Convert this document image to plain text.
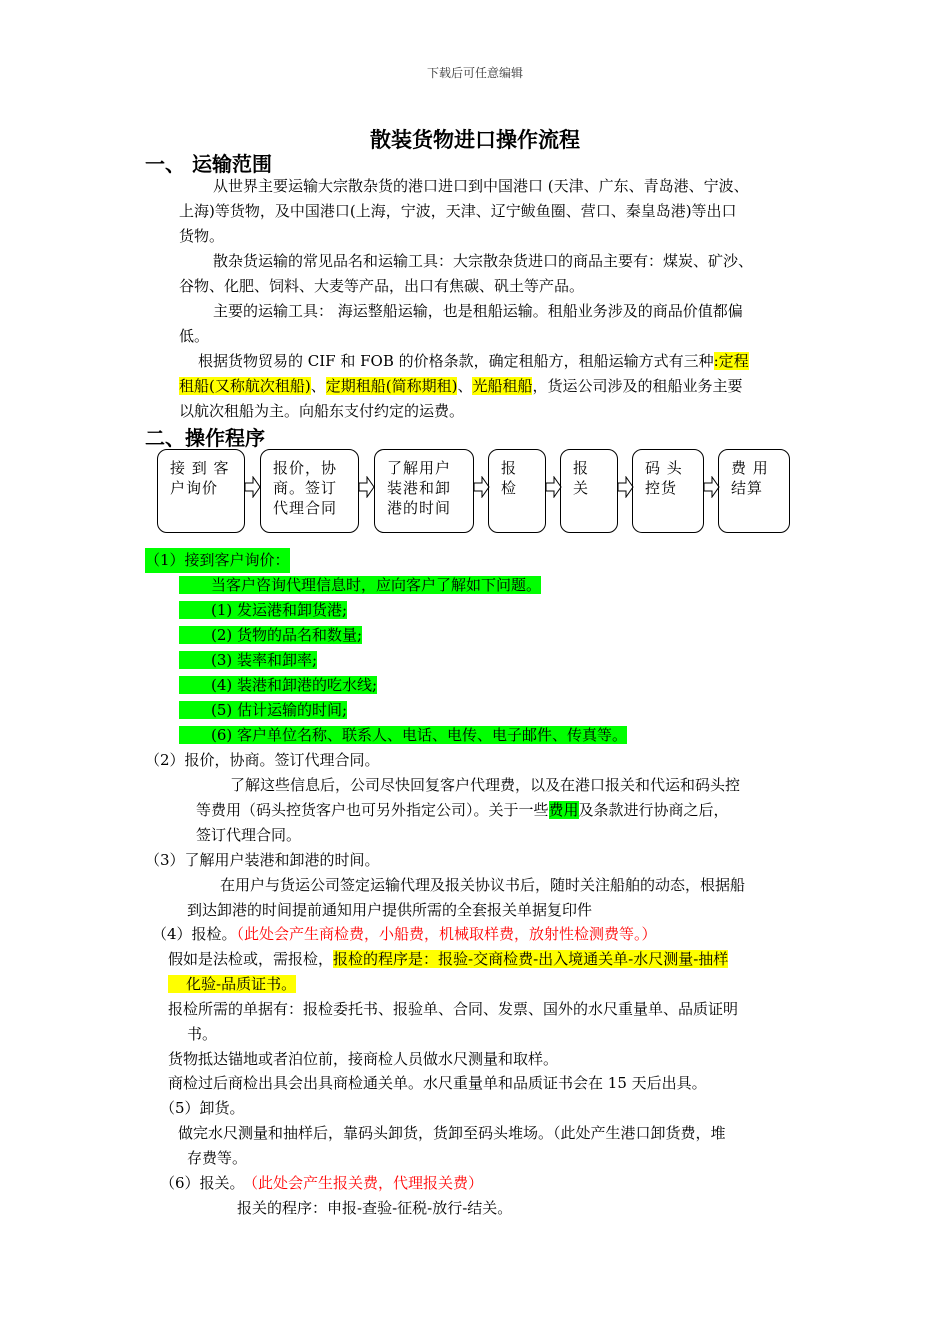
下载后可任意编辑
散装货物进口操作流程
一、 运输范围
从世界主要运输大宗散杂货的港口进口到中国港口 (天津、广东、青岛港、宁波、
上海)等货物，及中国港口(上海，宁波，天津、辽宁鲅鱼圈、营口、秦皇岛港)等出口
货物。
散杂货运输的常见品名和运输工具：大宗散杂货进口的商品主要有：煤炭、矿沙、
谷物、化肥、饲料、大麦等产品，出口有焦碳、矾土等产品。
主要的运输工具： 海运整船运输，也是租船运输。租船业务涉及的商品价值都偏
低。
根据货物贸易的 CIF 和 FOB 的价格条款，确定租船方，租船运输方式有三种:定程
租船(又称航次租船)、定期租船(简称期租)、光船租船，货运公司涉及的租船业务主要
以航次租船为主。向船东支付约定的运费。
二、操作程序
接 到 客
户询价
报价，协
商。签订
代理合同
了解用户
装港和卸
港的时间
报
检
报
关
码 头
控货
费 用
结算
（1）接到客户询价：
当客户咨询代理信息时，应向客户了解如下问题。
(1) 发运港和卸货港;
(2) 货物的品名和数量;
(3) 装率和卸率;
(4) 装港和卸港的吃水线;
(5) 估计运输的时间;
(6) 客户单位名称、联系人、电话、电传、电子邮件、传真等。
（2）报价，协商。签订代理合同。
了解这些信息后，公司尽快回复客户代理费，以及在港口报关和代运和码头控
等费用（码头控货客户也可另外指定公司）。关于一些费用及条款进行协商之后，
签订代理合同。
（3）了解用户装港和卸港的时间。
在用户与货运公司签定运输代理及报关协议书后，随时关注船舶的动态，根据船
到达卸港的时间提前通知用户提供所需的全套报关单据复印件
（4）报检。（此处会产生商检费，小船费，机械取样费，放射性检测费等。）
假如是法检或，需报检，报检的程序是：报验-交商检费-出入境通关单-水尺测量-抽样
化验-品质证书。
报检所需的单据有：报检委托书、报验单、合同、发票、国外的水尺重量单、品质证明
书。
货物抵达锚地或者泊位前，接商检人员做水尺测量和取样。
商检过后商检出具会出具商检通关单。水尺重量单和品质证书会在 15 天后出具。
（5）卸货。
做完水尺测量和抽样后，靠码头卸货，货卸至码头堆场。（此处产生港口卸货费，堆
存费等。
（6）报关。 （此处会产生报关费，代理报关费）
报关的程序：申报-查验-征税-放行-结关。
